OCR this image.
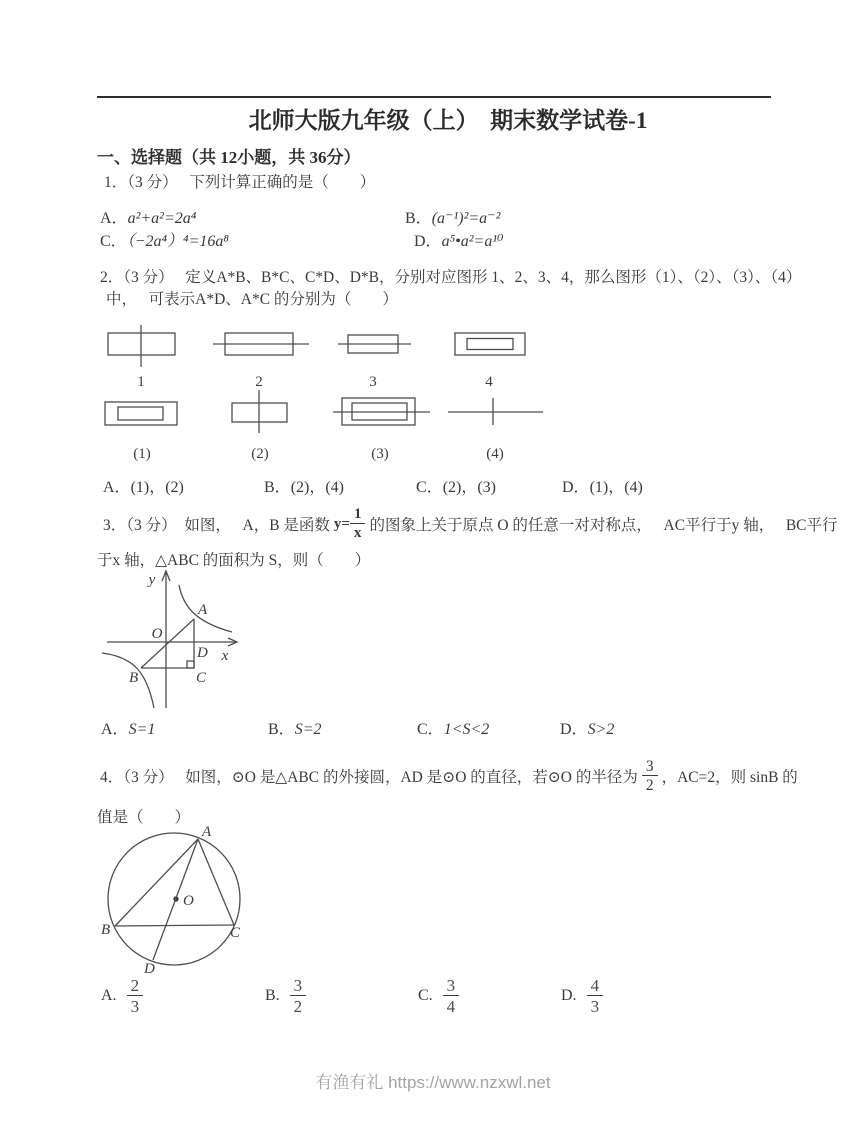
北师大版九年级（上）　期末数学试卷-1
一、选择题（共 12小题，共 36分）
1．（3 分）　 下列计算正确的是（　　）
A．a²+a²=2a⁴	B．(a⁻¹)²=a⁻²
C．（−2a⁴）⁴=16a⁸	D．a⁵•a²=a¹⁰
2．（3 分）　 定义A*B、B*C、C*D、D*B，分别对应图形 1、2、3、4，那么图形（1）、（2）、（3）、（4）
中，　 可表示A*D、A*C 的分别为（　　）
1	2	3	4
(1)	(2)	(3)	(4)
A．(1)，(2)	B．(2)，(4)	C．(2)，(3)	D．(1)，(4)
3．（3 分）　如图，　 A，B 是函数 $y= \frac{1}{x}$ 的图象上关于原点 O 的任意一对对称点，　 AC平行于y 轴，　 BC平行
于x 轴，△ABC 的面积为 S，则（　　）
y
x
O
A
B	C
D
A．S=1	B．S=2	C．1<S<2	D．S>2
4．（3 分）　 如图，⊙O 是△ABC 的外接圆，AD 是⊙O 的直径，若⊙O 的半径为 $\frac{3}{2}$ ，AC=2，则 sinB 的
值是（　　）
A
O
B	C
D
A. $\frac{2}{3}$	B. $\frac{3}{2}$	C. $\frac{3}{4}$	D. $\frac{4}{3}$
有渔有礼 https://www.nzxwl.net
